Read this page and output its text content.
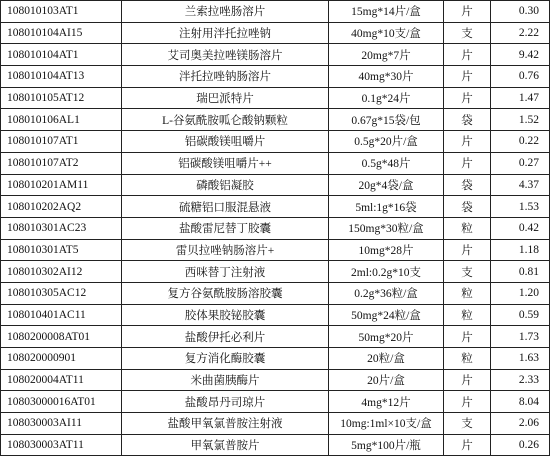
108010103AT1	兰索拉唑肠溶片	15mg*14片/盒	片	0.30
108010104AI15	注射用泮托拉唑钠	40mg*10支/盒	支	2.22
108010104AT1	艾司奥美拉唑镁肠溶片	20mg*7片	片	9.42
108010104AT13	泮托拉唑钠肠溶片	40mg*30片	片	0.76
108010105AT12	瑞巴派特片	0.1g*24片	片	1.47
108010106AL1	L-谷氨酰胺呱仑酸钠颗粒	0.67g*15袋/包	袋	1.52
108010107AT1	铝碳酸镁咀嚼片	0.5g*20片/盒	片	0.22
108010107AT2	铝碳酸镁咀嚼片++	0.5g*48片	片	0.27
108010201AM11	磷酸铝凝胶	20g*4袋/盒	袋	4.37
108010202AQ2	硫糖铝口服混悬液	5ml:1g*16袋	袋	1.53
108010301AC23	盐酸雷尼替丁胶囊	150mg*30粒/盒	粒	0.42
108010301AT5	雷贝拉唑钠肠溶片+	10mg*28片	片	1.18
108010302AI12	西咪替丁注射液	2ml:0.2g*10支	支	0.81
108010305AC12	复方谷氨酰胺肠溶胶囊	0.2g*36粒/盒	粒	1.20
108010401AC11	胶体果胶铋胶囊	50mg*24粒/盒	粒	0.59
1080200008AT01	盐酸伊托必利片	50mg*20片	片	1.73
108020000901	复方消化酶胶囊	20粒/盒	粒	1.63
108020004AT11	米曲菌胰酶片	20片/盒	片	2.33
10803000016AT01	盐酸昂丹司琼片	4mg*12片	片	8.04
108030003AI11	盐酸甲氧氯普胺注射液	10mg:1ml×10支/盒	支	2.06
108030003AT11	甲氧氯普胺片	5mg*100片/瓶	片	0.26
